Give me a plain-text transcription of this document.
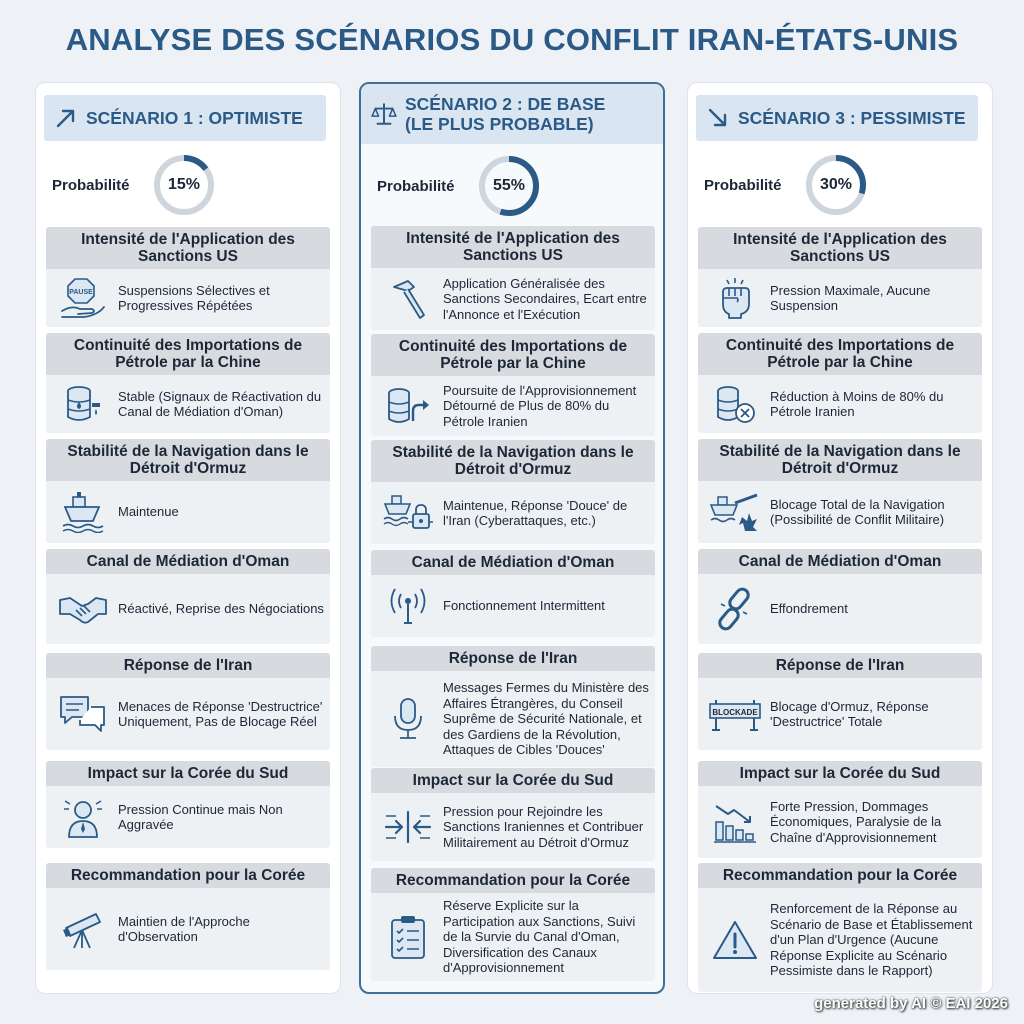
ANALYSE DES SCÉNARIOS DU CONFLIT IRAN-ÉTATS-UNIS
SCÉNARIO 1 : OPTIMISTE
Probabilité	15%
Intensité de l'Application des Sanctions US
PAUSE	Suspensions Sélectives et Progressives Répétées
Continuité des Importations de Pétrole par la Chine
Stable (Signaux de Réactivation du Canal de Médiation d'Oman)
Stabilité de la Navigation dans le Détroit d'Ormuz
Maintenue
Canal de Médiation d'Oman
Réactivé, Reprise des Négociations
Réponse de l'Iran
Menaces de Réponse 'Destructrice' Uniquement, Pas de Blocage Réel
Impact sur la Corée du Sud
Pression Continue mais Non Aggravée
Recommandation pour la Corée
Maintien de l'Approche d'Observation
SCÉNARIO 2 : DE BASE (LE PLUS PROBABLE)
Probabilité	55%
Intensité de l'Application des Sanctions US
Application Généralisée des Sanctions Secondaires, Ecart entre l'Annonce et l'Exécution
Continuité des Importations de Pétrole par la Chine
Poursuite de l'Approvisionnement Détourné de Plus de 80% du Pétrole Iranien
Stabilité de la Navigation dans le Détroit d'Ormuz
Maintenue, Réponse 'Douce' de l'Iran (Cyberattaques, etc.)
Canal de Médiation d'Oman
Fonctionnement Intermittent
Réponse de l'Iran
Messages Fermes du Ministère des Affaires Étrangères, du Conseil Suprême de Sécurité Nationale, et des Gardiens de la Révolution, Attaques de Cibles 'Douces'
Impact sur la Corée du Sud
Pression pour Rejoindre les Sanctions Iraniennes et Contribuer Militairement au Détroit d'Ormuz
Recommandation pour la Corée
Réserve Explicite sur la Participation aux Sanctions, Suivi de la Survie du Canal d'Oman, Diversification des Canaux d'Approvisionnement
SCÉNARIO 3 : PESSIMISTE
Probabilité	30%
Intensité de l'Application des Sanctions US
Pression Maximale, Aucune Suspension
Continuité des Importations de Pétrole par la Chine
Réduction à Moins de 80% du Pétrole Iranien
Stabilité de la Navigation dans le Détroit d'Ormuz
Blocage Total de la Navigation (Possibilité de Conflit Militaire)
Canal de Médiation d'Oman
Effondrement
Réponse de l'Iran
BLOCKADE Blocage d'Ormuz, Réponse 'Destructrice' Totale
Impact sur la Corée du Sud
Forte Pression, Dommages Économiques, Paralysie de la Chaîne d'Approvisionnement
Recommandation pour la Corée
Renforcement de la Réponse au Scénario de Base et Établissement d'un Plan d'Urgence (Aucune Réponse Explicite au Scénario Pessimiste dans le Rapport)
generated by AI © EAI 2026
